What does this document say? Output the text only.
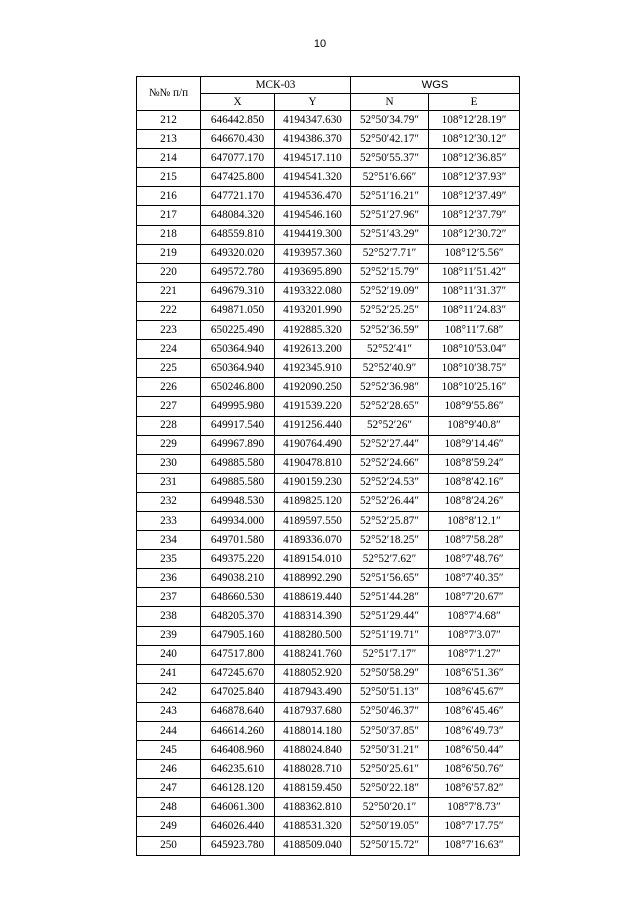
10
№№ п/п	МСК-03		WGS	
	X	Y	N	E
212	646442.850	4194347.630	52°50′34.79″	108°12′28.19″
213	646670.430	4194386.370	52°50′42.17″	108°12′30.12″
214	647077.170	4194517.110	52°50′55.37″	108°12′36.85″
215	647425.800	4194541.320	52°51′6.66″	108°12′37.93″
216	647721.170	4194536.470	52°51′16.21″	108°12′37.49″
217	648084.320	4194546.160	52°51′27.96″	108°12′37.79″
218	648559.810	4194419.300	52°51′43.29″	108°12′30.72″
219	649320.020	4193957.360	52°52′7.71″	108°12′5.56″
220	649572.780	4193695.890	52°52′15.79″	108°11′51.42″
221	649679.310	4193322.080	52°52′19.09″	108°11′31.37″
222	649871.050	4193201.990	52°52′25.25″	108°11′24.83″
223	650225.490	4192885.320	52°52′36.59″	108°11′7.68″
224	650364.940	4192613.200	52°52′41″	108°10′53.04″
225	650364.940	4192345.910	52°52′40.9″	108°10′38.75″
226	650246.800	4192090.250	52°52′36.98″	108°10′25.16″
227	649995.980	4191539.220	52°52′28.65″	108°9′55.86″
228	649917.540	4191256.440	52°52′26″	108°9′40.8″
229	649967.890	4190764.490	52°52′27.44″	108°9′14.46″
230	649885.580	4190478.810	52°52′24.66″	108°8′59.24″
231	649885.580	4190159.230	52°52′24.53″	108°8′42.16″
232	649948.530	4189825.120	52°52′26.44″	108°8′24.26″
233	649934.000	4189597.550	52°52′25.87″	108°8′12.1″
234	649701.580	4189336.070	52°52′18.25″	108°7′58.28″
235	649375.220	4189154.010	52°52′7.62″	108°7′48.76″
236	649038.210	4188992.290	52°51′56.65″	108°7′40.35″
237	648660.530	4188619.440	52°51′44.28″	108°7′20.67″
238	648205.370	4188314.390	52°51′29.44″	108°7′4.68″
239	647905.160	4188280.500	52°51′19.71″	108°7′3.07″
240	647517.800	4188241.760	52°51′7.17″	108°7′1.27″
241	647245.670	4188052.920	52°50′58.29″	108°6′51.36″
242	647025.840	4187943.490	52°50′51.13″	108°6′45.67″
243	646878.640	4187937.680	52°50′46.37″	108°6′45.46″
244	646614.260	4188014.180	52°50′37.85″	108°6′49.73″
245	646408.960	4188024.840	52°50′31.21″	108°6′50.44″
246	646235.610	4188028.710	52°50′25.61″	108°6′50.76″
247	646128.120	4188159.450	52°50′22.18″	108°6′57.82″
248	646061.300	4188362.810	52°50′20.1″	108°7′8.73″
249	646026.440	4188531.320	52°50′19.05″	108°7′17.75″
250	645923.780	4188509.040	52°50′15.72″	108°7′16.63″
